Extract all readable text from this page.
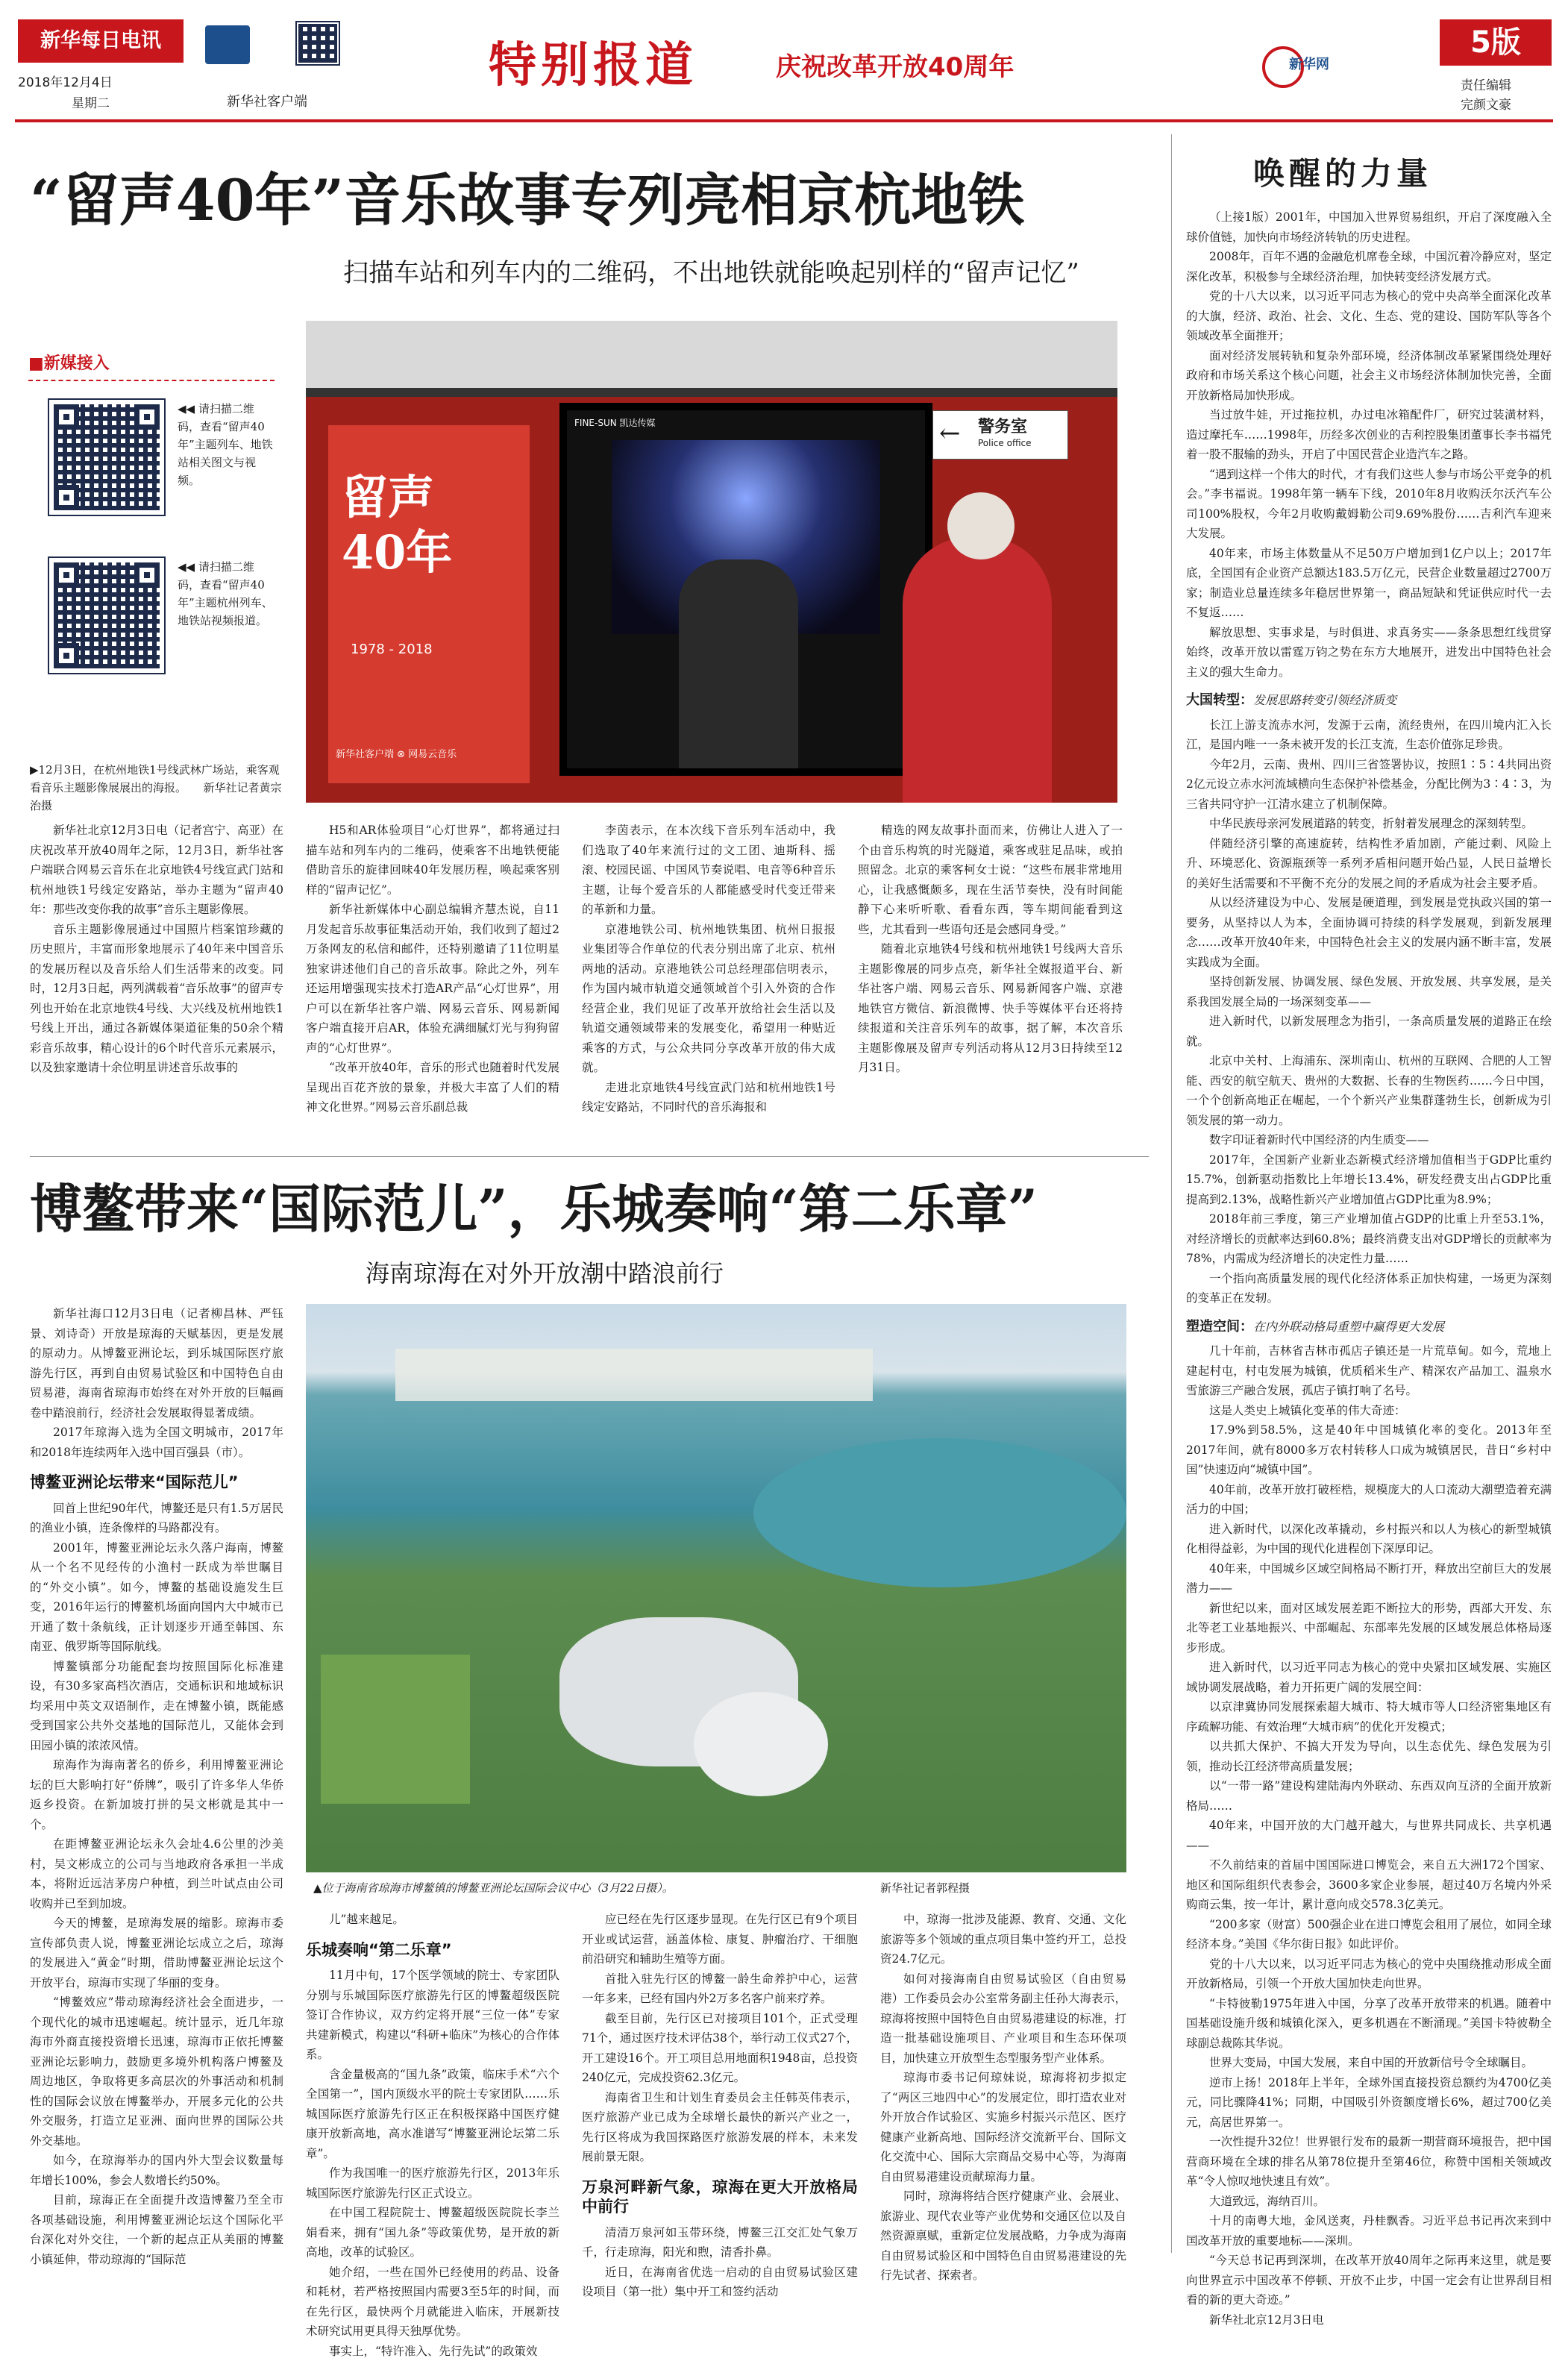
新华每日电讯
2018年12月4日
星期二	新华社客户端
特别报道	庆祝改革开放40周年	新华网
5版
责任编辑
完颜文豪
“留声40年”音乐故事专列亮相京杭地铁
扫描车站和列车内的二维码，不出地铁就能唤起别样的“留声记忆”
■新媒接入
◀◀ 请扫描二维码，查看“留声40年”主题列车、地铁站相关图文与视频。
◀◀ 请扫描二维码，查看“留声40年”主题杭州列车、地铁站视频报道。
▶12月3日，在杭州地铁1号线武林广场站，乘客观看音乐主题影像展展出的海报。　　新华社记者黄宗治摄
留声40年
1978 - 2018
新华社客户端 ⊗ 网易云音乐
FINE-SUN 凯达传媒	警务室
Police office
←

新华社北京12月3日电（记者宫宁、高亚）在庆祝改革开放40周年之际，12月3日，新华社客户端联合网易云音乐在北京地铁4号线宣武门站和杭州地铁1号线定安路站，举办主题为“留声40年：那些改变你我的故事”音乐主题影像展。

音乐主题影像展通过中国照片档案馆珍藏的历史照片，丰富而形象地展示了40年来中国音乐的发展历程以及音乐给人们生活带来的改变。同时，12月3日起，两列满载着“音乐故事”的留声专列也开始在北京地铁4号线、大兴线及杭州地铁1号线上开出，通过各新媒体渠道征集的50余个精彩音乐故事，精心设计的6个时代音乐元素展示，以及独家邀请十余位明星讲述音乐故事的

H5和AR体验项目“心灯世界”，都将通过扫描车站和列车内的二维码，使乘客不出地铁便能借助音乐的旋律回味40年发展历程，唤起乘客别样的“留声记忆”。

新华社新媒体中心副总编辑齐慧杰说，自11月发起音乐故事征集活动开始，我们收到了超过2万条网友的私信和邮件，还特别邀请了11位明星独家讲述他们自己的音乐故事。除此之外，列车还运用增强现实技术打造AR产品“心灯世界”，用户可以在新华社客户端、网易云音乐、网易新闻客户端直接开启AR，体验充满细腻灯光与狗狗留声的“心灯世界”。

“改革开放40年，音乐的形式也随着时代发展呈现出百花齐放的景象，并极大丰富了人们的精神文化世界。”网易云音乐副总裁

李茵表示，在本次线下音乐列车活动中，我们选取了40年来流行过的文工团、迪斯科、摇滚、校园民谣、中国风节奏说唱、电音等6种音乐主题，让每个爱音乐的人都能感受时代变迁带来的革新和力量。

京港地铁公司、杭州地铁集团、杭州日报报业集团等合作单位的代表分别出席了北京、杭州两地的活动。京港地铁公司总经理邵信明表示，作为国内城市轨道交通领域首个引入外资的合作经营企业，我们见证了改革开放给社会生活以及轨道交通领域带来的发展变化，希望用一种贴近乘客的方式，与公众共同分享改革开放的伟大成就。

走进北京地铁4号线宣武门站和杭州地铁1号线定安路站，不同时代的音乐海报和

精选的网友故事扑面而来，仿佛让人进入了一个由音乐构筑的时光隧道，乘客或驻足品味，或拍照留念。北京的乘客柯女士说：“这些布展非常地用心，让我感慨颇多，现在生活节奏快，没有时间能静下心来听听歌、看看东西，等车期间能看到这些，尤其看到一些语句还是会感同身受。”

随着北京地铁4号线和杭州地铁1号线两大音乐主题影像展的同步点亮，新华社全媒报道平台、新华社客户端、网易云音乐、网易新闻客户端、京港地铁官方微信、新浪微博、快手等媒体平台还将持续报道和关注音乐列车的故事，据了解，本次音乐主题影像展及留声专列活动将从12月3日持续至12月31日。

博鳌带来“国际范儿”，乐城奏响“第二乐章”
海南琼海在对外开放潮中踏浪前行
▲位于海南省琼海市博鳌镇的博鳌亚洲论坛国际会议中心（3月22日摄）。	新华社记者郭程摄

新华社海口12月3日电（记者柳昌林、严钰景、刘诗奇）开放是琼海的天赋基因，更是发展的原动力。从博鳌亚洲论坛，到乐城国际医疗旅游先行区，再到自由贸易试验区和中国特色自由贸易港，海南省琼海市始终在对外开放的巨幅画卷中踏浪前行，经济社会发展取得显著成绩。

2017年琼海入选为全国文明城市，2017年和2018年连续两年入选中国百强县（市）。

博鳌亚洲论坛带来“国际范儿”

回首上世纪90年代，博鳌还是只有1.5万居民的渔业小镇，连条像样的马路都没有。

2001年，博鳌亚洲论坛永久落户海南，博鳌从一个名不见经传的小渔村一跃成为举世瞩目的“外交小镇”。如今，博鳌的基础设施发生巨变，2016年运行的博鳌机场面向国内大中城市已开通了数十条航线，正计划逐步开通至韩国、东南亚、俄罗斯等国际航线。

博鳌镇部分功能配套均按照国际化标准建设，有30多家高档次酒店，交通标识和地域标识均采用中英文双语制作，走在博鳌小镇，既能感受到国家公共外交基地的国际范儿，又能体会到田园小镇的浓浓风情。

琼海作为海南著名的侨乡，利用博鳌亚洲论坛的巨大影响打好“侨牌”，吸引了许多华人华侨返乡投资。在新加坡打拼的吴文彬就是其中一个。

在距博鳌亚洲论坛永久会址4.6公里的沙美村，吴文彬成立的公司与当地政府各承担一半成本，将附近远洁茅房户种植，到兰叶试点由公司收购并已至到加坡。

今天的博鳌，是琼海发展的缩影。琼海市委宣传部负责人说，博鳌亚洲论坛成立之后，琼海的发展进入“黄金”时期，借助博鳌亚洲论坛这个开放平台，琼海市实现了华丽的变身。

“博鳌效应”带动琼海经济社会全面进步，一个现代化的城市迅速崛起。统计显示，近几年琼海市外商直接投资增长迅速，琼海市正依托博鳌亚洲论坛影响力，鼓励更多境外机构落户博鳌及周边地区，争取将更多高层次的外事活动和机制性的国际会议放在博鳌举办，开展多元化的公共外交服务，打造立足亚洲、面向世界的国际公共外交基地。

如今，在琼海举办的国内外大型会议数量每年增长100%，参会人数增长约50%。

目前，琼海正在全面提升改造博鳌乃至全市各项基础设施，利用博鳌亚洲论坛这个国际化平台深化对外交往，一个新的起点正从美丽的博鳌小镇延伸，带动琼海的“国际范

儿”越来越足。

乐城奏响“第二乐章”

11月中旬，17个医学领域的院士、专家团队分别与乐城国际医疗旅游先行区的博鳌超级医院签订合作协议，双方约定将开展“三位一体”专家共建新模式，构建以“科研+临床”为核心的合作体系。

含金量极高的“国九条”政策，临床手术“六个全国第一”，国内顶级水平的院士专家团队……乐城国际医疗旅游先行区正在积极探路中国医疗健康开放新高地，高水准谱写“博鳌亚洲论坛第二乐章”。

作为我国唯一的医疗旅游先行区，2013年乐城国际医疗旅游先行区正式设立。

在中国工程院院士、博鳌超级医院院长李兰娟看来，拥有“国九条”等政策优势，是开放的新高地，改革的试验区。

她介绍，一些在国外已经使用的药品、设备和耗材，若严格按照国内需要3至5年的时间，而在先行区，最快两个月就能进入临床，开展新技术研究试用更具得天独厚优势。

事实上，“特许准入、先行先试”的政策效

应已经在先行区逐步显现。在先行区已有9个项目开业或试运营，涵盖体检、康复、肿瘤治疗、干细胞前沿研究和辅助生殖等方面。

首批入驻先行区的博鳌一龄生命养护中心，运营一年多来，已经有国内外2万多名客户前来疗养。

截至目前，先行区已对接项目101个，正式受理71个，通过医疗技术评估38个，举行动工仪式27个，开工建设16个。开工项目总用地面积1948亩，总投资240亿元，完成投资62.3亿元。

海南省卫生和计划生育委员会主任韩英伟表示，医疗旅游产业已成为全球增长最快的新兴产业之一，先行区将成为我国探路医疗旅游发展的样本，未来发展前景无限。

万泉河畔新气象，琼海在更大开放格局中前行

清清万泉河如玉带环绕，博鳌三江交汇处气象万千，行走琼海，阳光和煦，清香扑鼻。

近日，在海南省优选一启动的自由贸易试验区建设项目（第一批）集中开工和签约活动

中，琼海一批涉及能源、教育、交通、文化旅游等多个领域的重点项目集中签约开工，总投资24.7亿元。

如何对接海南自由贸易试验区（自由贸易港）工作委员会办公室常务副主任孙大海表示，琼海将按照中国特色自由贸易港建设的标准，打造一批基础设施项目、产业项目和生态环保项目，加快建立开放型生态型服务型产业体系。

琼海市委书记何琼妹说，琼海将初步拟定了“两区三地四中心”的发展定位，即打造农业对外开放合作试验区、实施乡村振兴示范区、医疗健康产业新高地、国际经济交流新平台、国际文化交流中心、国际大宗商品交易中心等，为海南自由贸易港建设贡献琼海力量。

同时，琼海将结合医疗健康产业、会展业、旅游业、现代农业等产业优势和交通区位以及自然资源禀赋，重新定位发展战略，力争成为海南自由贸易试验区和中国特色自由贸易港建设的先行先试者、探索者。

唤醒的力量

（上接1版）2001年，中国加入世界贸易组织，开启了深度融入全球价值链，加快向市场经济转轨的历史进程。

2008年，百年不遇的金融危机席卷全球，中国沉着冷静应对，坚定深化改革，积极参与全球经济治理，加快转变经济发展方式。

党的十八大以来，以习近平同志为核心的党中央高举全面深化改革的大旗，经济、政治、社会、文化、生态、党的建设、国防军队等各个领域改革全面推开；

面对经济发展转轨和复杂外部环境，经济体制改革紧紧围绕处理好政府和市场关系这个核心问题，社会主义市场经济体制加快完善，全面开放新格局加快形成。

当过放牛娃，开过拖拉机，办过电冰箱配件厂，研究过装潢材料，造过摩托车……1998年，历经多次创业的吉利控股集团董事长李书福凭着一股不服输的劲头，开启了中国民营企业造汽车之路。

“遇到这样一个伟大的时代，才有我们这些人参与市场公平竞争的机会。”李书福说。1998年第一辆车下线，2010年8月收购沃尔沃汽车公司100%股权，今年2月收购戴姆勒公司9.69%股份……吉利汽车迎来大发展。

40年来，市场主体数量从不足50万户增加到1亿户以上；2017年底，全国国有企业资产总额达183.5万亿元，民营企业数量超过2700万家；制造业总量连续多年稳居世界第一，商品短缺和凭证供应时代一去不复返……

解放思想、实事求是，与时俱进、求真务实——条条思想红线贯穿始终，改革开放以雷霆万钧之势在东方大地展开，进发出中国特色社会主义的强大生命力。

大国转型：发展思路转变引领经济质变

长江上游支流赤水河，发源于云南，流经贵州，在四川境内汇入长江，是国内唯一一条未被开发的长江支流，生态价值弥足珍贵。

今年2月，云南、贵州、四川三省签署协议，按照1∶5∶4共同出资2亿元设立赤水河流域横向生态保护补偿基金，分配比例为3∶4∶3，为三省共同守护一江清水建立了机制保障。

中华民族母亲河发展道路的转变，折射着发展理念的深刻转型。

伴随经济引擎的高速旋转，结构性矛盾加剧，产能过剩、风险上升、环境恶化、资源瓶颈等一系列矛盾相问题开始凸显，人民日益增长的美好生活需要和不平衡不充分的发展之间的矛盾成为社会主要矛盾。

从以经济建设为中心、发展是硬道理，到发展是党执政兴国的第一要务，从坚持以人为本，全面协调可持续的科学发展观，到新发展理念……改革开放40年来，中国特色社会主义的发展内涵不断丰富，发展实践成为全面。

坚持创新发展、协调发展、绿色发展、开放发展、共享发展，是关系我国发展全局的一场深刻变革——

进入新时代，以新发展理念为指引，一条高质量发展的道路正在绘就。

北京中关村、上海浦东、深圳南山、杭州的互联网、合肥的人工智能、西安的航空航天、贵州的大数据、长春的生物医药……今日中国，一个个创新高地正在崛起，一个个新兴产业集群蓬勃生长，创新成为引领发展的第一动力。

数字印证着新时代中国经济的内生质变——

2017年，全国新产业新业态新模式经济增加值相当于GDP比重约15.7%，创新驱动指数比上年增长13.4%，研发经费支出占GDP比重提高到2.13%，战略性新兴产业增加值占GDP比重为8.9%；

2018年前三季度，第三产业增加值占GDP的比重上升至53.1%，对经济增长的贡献率达到60.8%；最终消费支出对GDP增长的贡献率为78%，内需成为经济增长的决定性力量……

一个指向高质量发展的现代化经济体系正加快构建，一场更为深刻的变革正在发轫。

塑造空间：在内外联动格局重塑中赢得更大发展

几十年前，吉林省吉林市孤店子镇还是一片荒草甸。如今，荒地上建起村屯，村屯发展为城镇，优质稻米生产、精深农产品加工、温泉水雪旅游三产融合发展，孤店子镇打响了名号。

这是人类史上城镇化变革的伟大奇迹：

17.9%到58.5%，这是40年中国城镇化率的变化。2013年至2017年间，就有8000多万农村转移人口成为城镇居民，昔日“乡村中国”快速迈向“城镇中国”。

40年前，改革开放打破桎梏，规模庞大的人口流动大潮塑造着充满活力的中国；

进入新时代，以深化改革撬动，乡村振兴和以人为核心的新型城镇化相得益彰，为中国的现代化进程创下深厚印记。

40年来，中国城乡区域空间格局不断打开，释放出空前巨大的发展潜力——

新世纪以来，面对区域发展差距不断拉大的形势，西部大开发、东北等老工业基地振兴、中部崛起、东部率先发展的区域发展总体格局逐步形成。

进入新时代，以习近平同志为核心的党中央紧扣区域发展、实施区域协调发展战略，着力开拓更广阔的发展空间：

以京津冀协同发展探索超大城市、特大城市等人口经济密集地区有序疏解功能、有效治理“大城市病”的优化开发模式；

以共抓大保护、不搞大开发为导向，以生态优先、绿色发展为引领，推动长江经济带高质量发展；

以“一带一路”建设构建陆海内外联动、东西双向互济的全面开放新格局……

40年来，中国开放的大门越开越大，与世界共同成长、共享机遇——

不久前结束的首届中国国际进口博览会，来自五大洲172个国家、地区和国际组织代表参会，3600多家企业参展，超过40万名境内外采购商云集，按一年计，累计意向成交578.3亿美元。

“200多家（财富）500强企业在进口博览会租用了展位，如同全球经济本身。”美国《华尔街日报》如此评价。

党的十八大以来，以习近平同志为核心的党中央围绕推动形成全面开放新格局，引领一个开放大国加快走向世界。

“卡特彼勒1975年进入中国，分享了改革开放带来的机遇。随着中国基础设施升级和城镇化深入，更多机遇在不断涌现。”美国卡特彼勒全球副总裁陈其华说。

世界大变局，中国大发展，来自中国的开放新信号令全球瞩目。

逆市上扬！2018年上半年，全球外国直接投资总额约为4700亿美元，同比骤降41%；同期，中国吸引外资额度增长6%，超过700亿美元，高居世界第一。

一次性提升32位！世界银行发布的最新一期营商环境报告，把中国营商环境在全球的排名从第78位提升至第46位，称赞中国相关领域改革“令人惊叹地快速且有效”。

大道致远，海纳百川。

十月的南粤大地，金风送爽，丹桂飘香。习近平总书记再次来到中国改革开放的重要地标——深圳。

“今天总书记再到深圳，在改革开放40周年之际再来这里，就是要向世界宣示中国改革不停顿、开放不止步，中国一定会有让世界刮目相看的新的更大奇迹。”

新华社北京12月3日电
